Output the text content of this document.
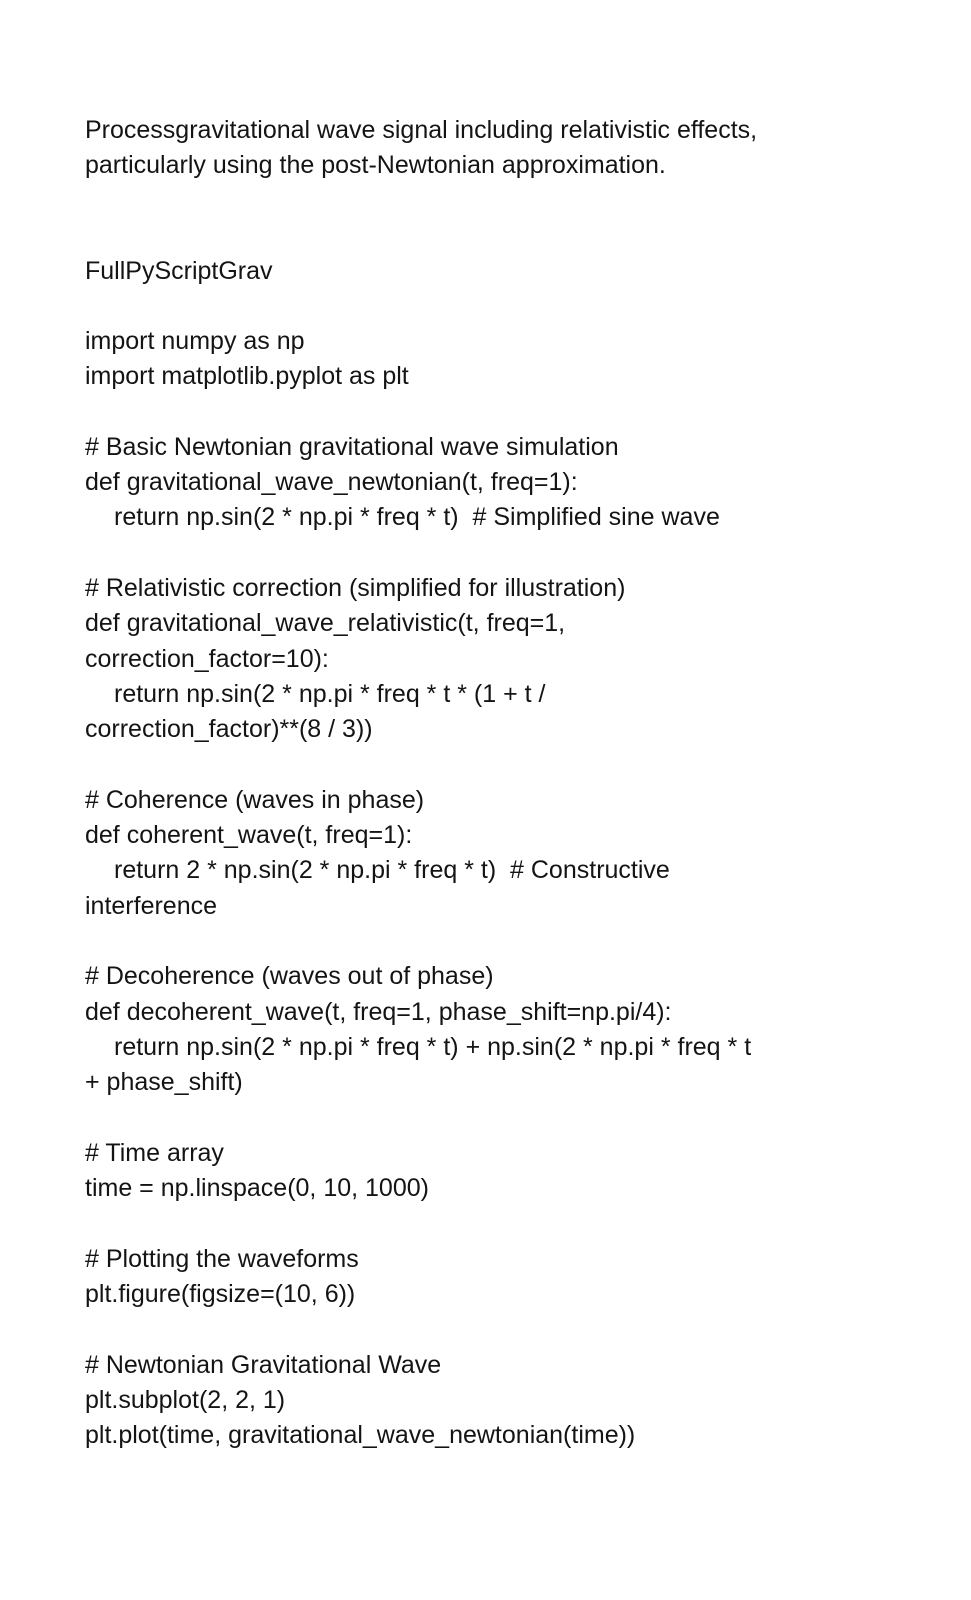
Processgravitational wave signal including relativistic effects,
particularly using the post-Newtonian approximation.
FullPyScriptGrav
import numpy as np
import matplotlib.pyplot as plt
# Basic Newtonian gravitational wave simulation
def gravitational_wave_newtonian(t, freq=1):
return np.sin(2 * np.pi * freq * t)  # Simplified sine wave
# Relativistic correction (simplified for illustration)
def gravitational_wave_relativistic(t, freq=1,
correction_factor=10):
return np.sin(2 * np.pi * freq * t * (1 + t /
correction_factor)**(8 / 3))
# Coherence (waves in phase)
def coherent_wave(t, freq=1):
return 2 * np.sin(2 * np.pi * freq * t)  # Constructive
interference
# Decoherence (waves out of phase)
def decoherent_wave(t, freq=1, phase_shift=np.pi/4):
return np.sin(2 * np.pi * freq * t) + np.sin(2 * np.pi * freq * t
+ phase_shift)
# Time array
time = np.linspace(0, 10, 1000)
# Plotting the waveforms
plt.figure(figsize=(10, 6))
# Newtonian Gravitational Wave
plt.subplot(2, 2, 1)
plt.plot(time, gravitational_wave_newtonian(time))
